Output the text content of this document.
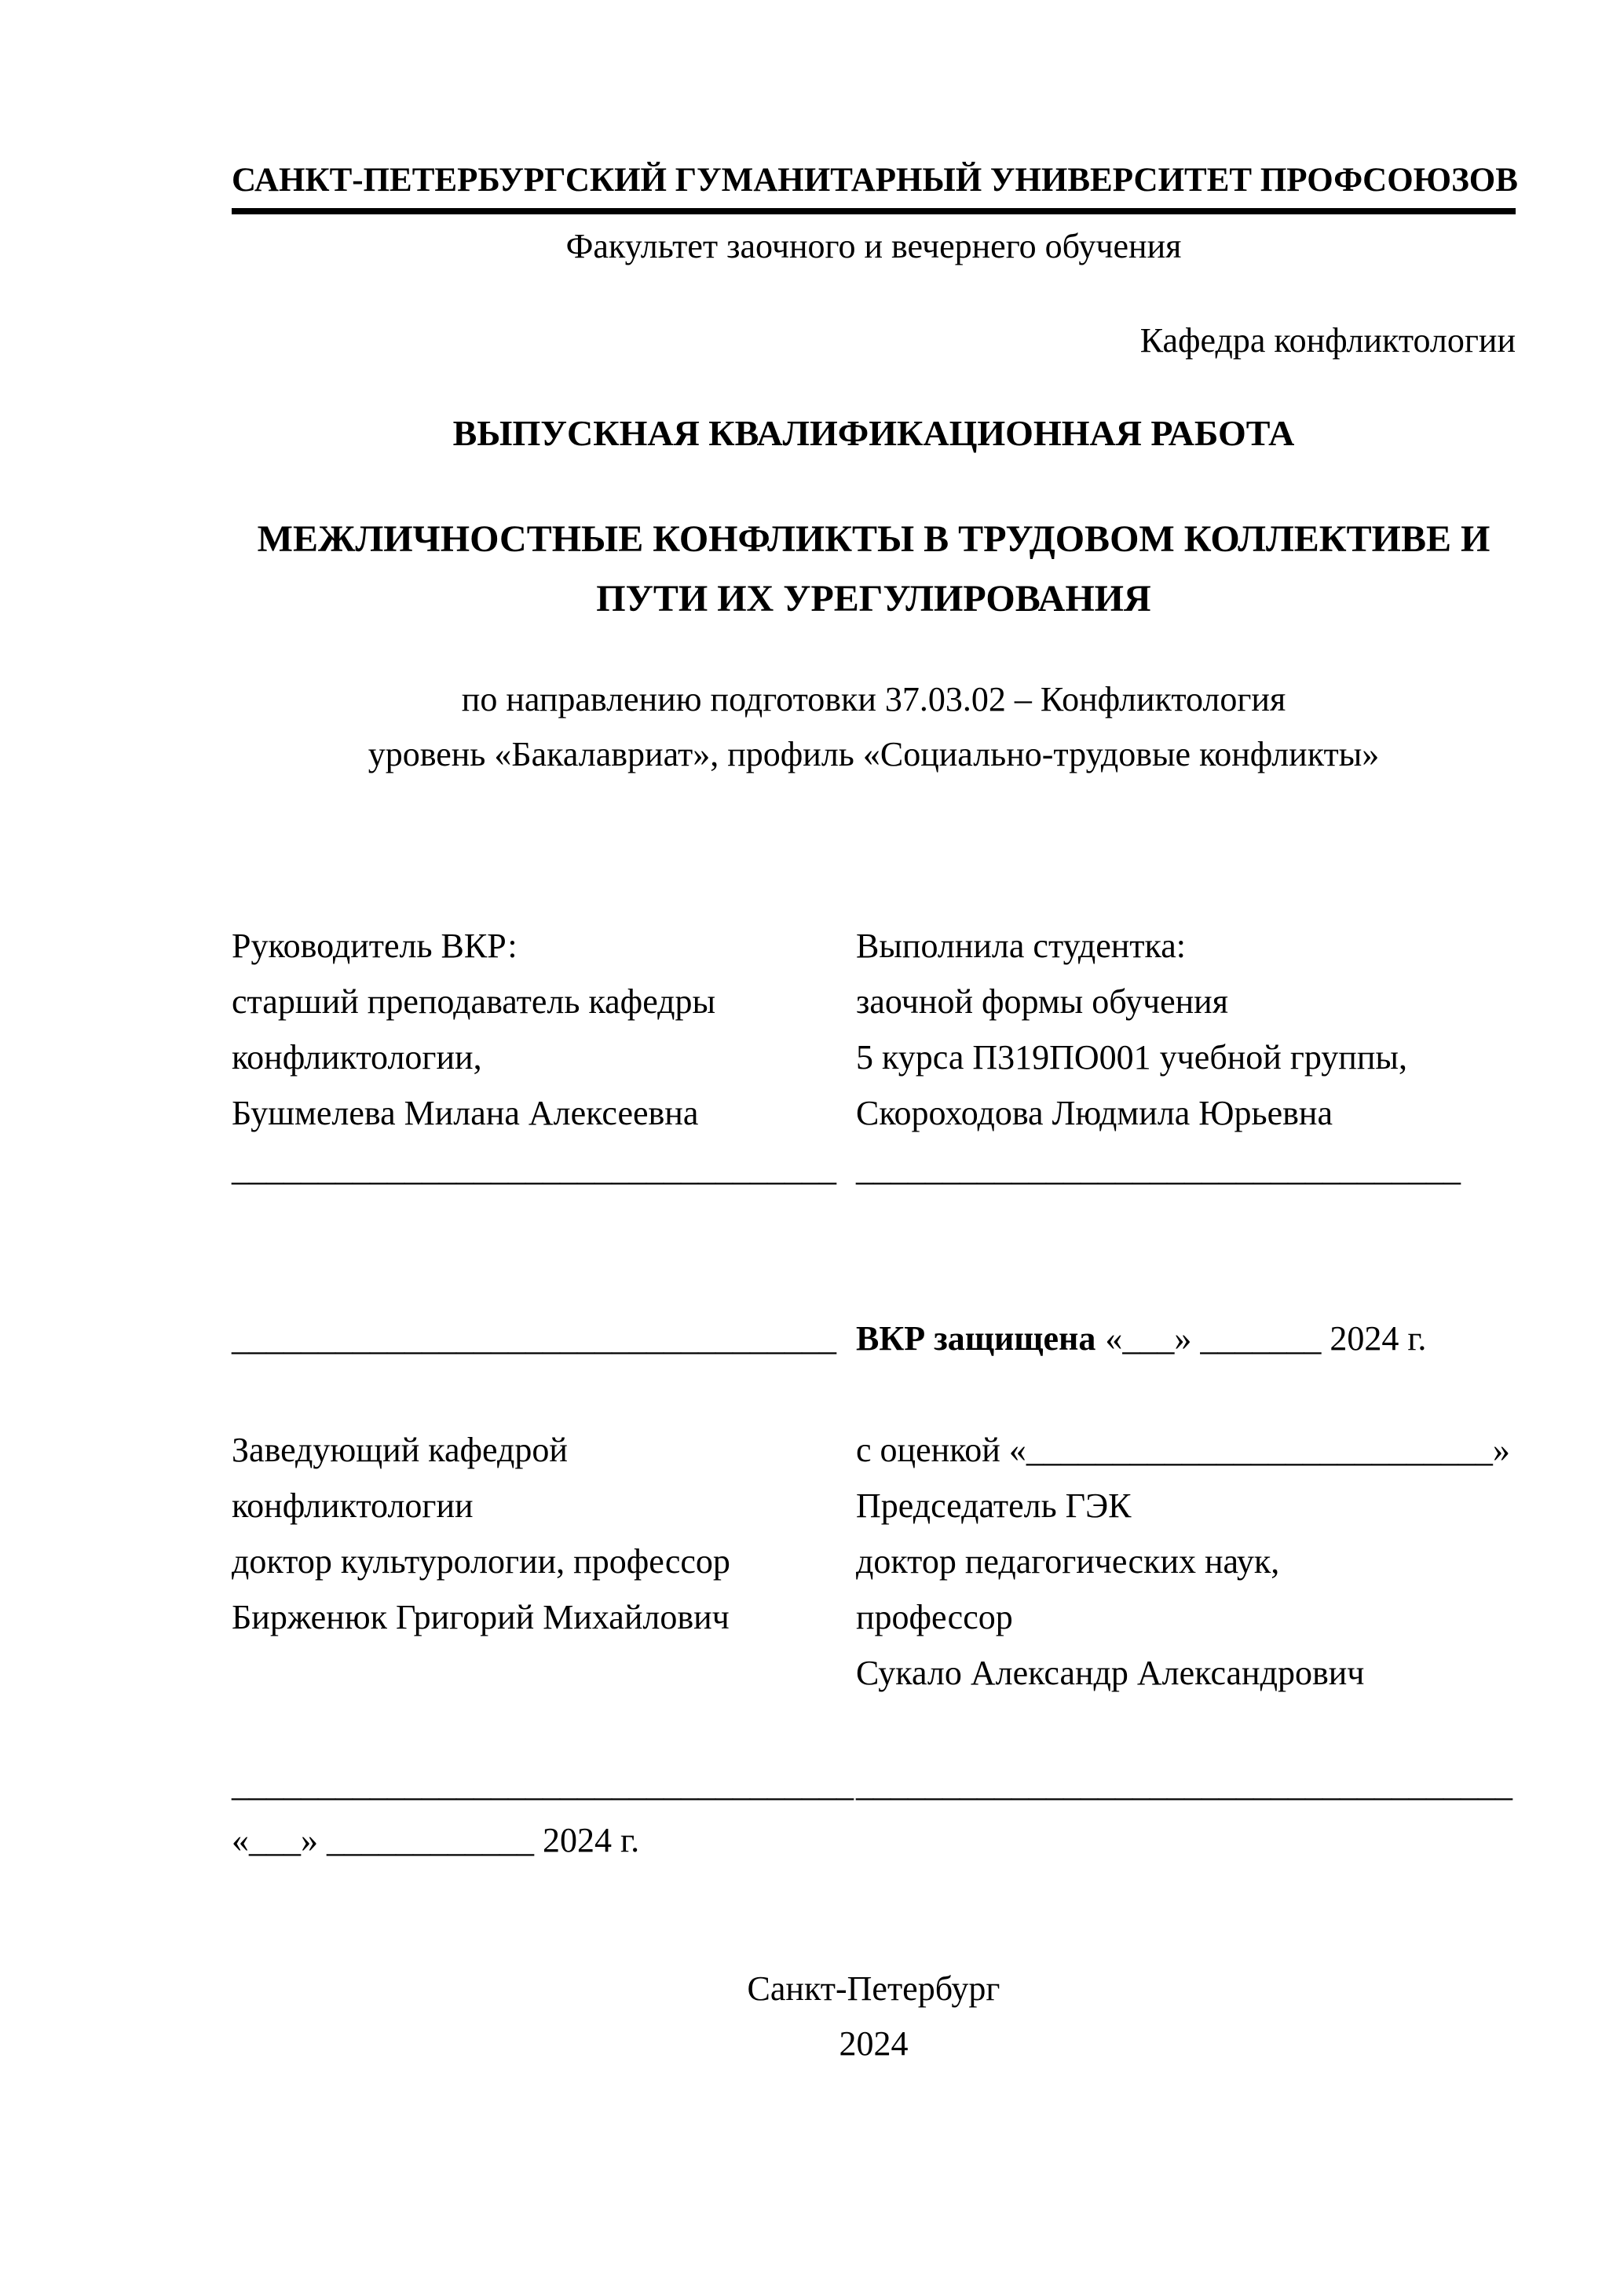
САНКТ-ПЕТЕРБУРГСКИЙ ГУМАНИТАРНЫЙ УНИВЕРСИТЕТ ПРОФСОЮЗОВ
Факультет заочного и вечернего обучения
Кафедра конфликтологии
ВЫПУСКНАЯ КВАЛИФИКАЦИОННАЯ РАБОТА
МЕЖЛИЧНОСТНЫЕ КОНФЛИКТЫ В ТРУДОВОМ КОЛЛЕКТИВЕ И
ПУТИ ИХ УРЕГУЛИРОВАНИЯ
по направлению подготовки 37.03.02 – Конфликтология
уровень «Бакалавриат», профиль «Социально-трудовые конфликты»
Руководитель ВКР:
старший преподаватель кафедры
конфликтологии,
Бушмелева Милана Алексеевна
___________________________________
Выполнила студентка:
заочной формы обучения
5 курса П319ПО001 учебной группы,
Скороходова Людмила Юрьевна
___________________________________
___________________________________
Заведующий кафедрой
конфликтологии
доктор культурологии, профессор
Бирженюк Григорий Михайлович
____________________________________
«___» ____________ 2024 г.
ВКР защищена «___» _______ 2024 г.
с оценкой «___________________________»
Председатель ГЭК
доктор педагогических наук,
профессор
Сукало Александр Александрович
______________________________________
Санкт-Петербург
2024
